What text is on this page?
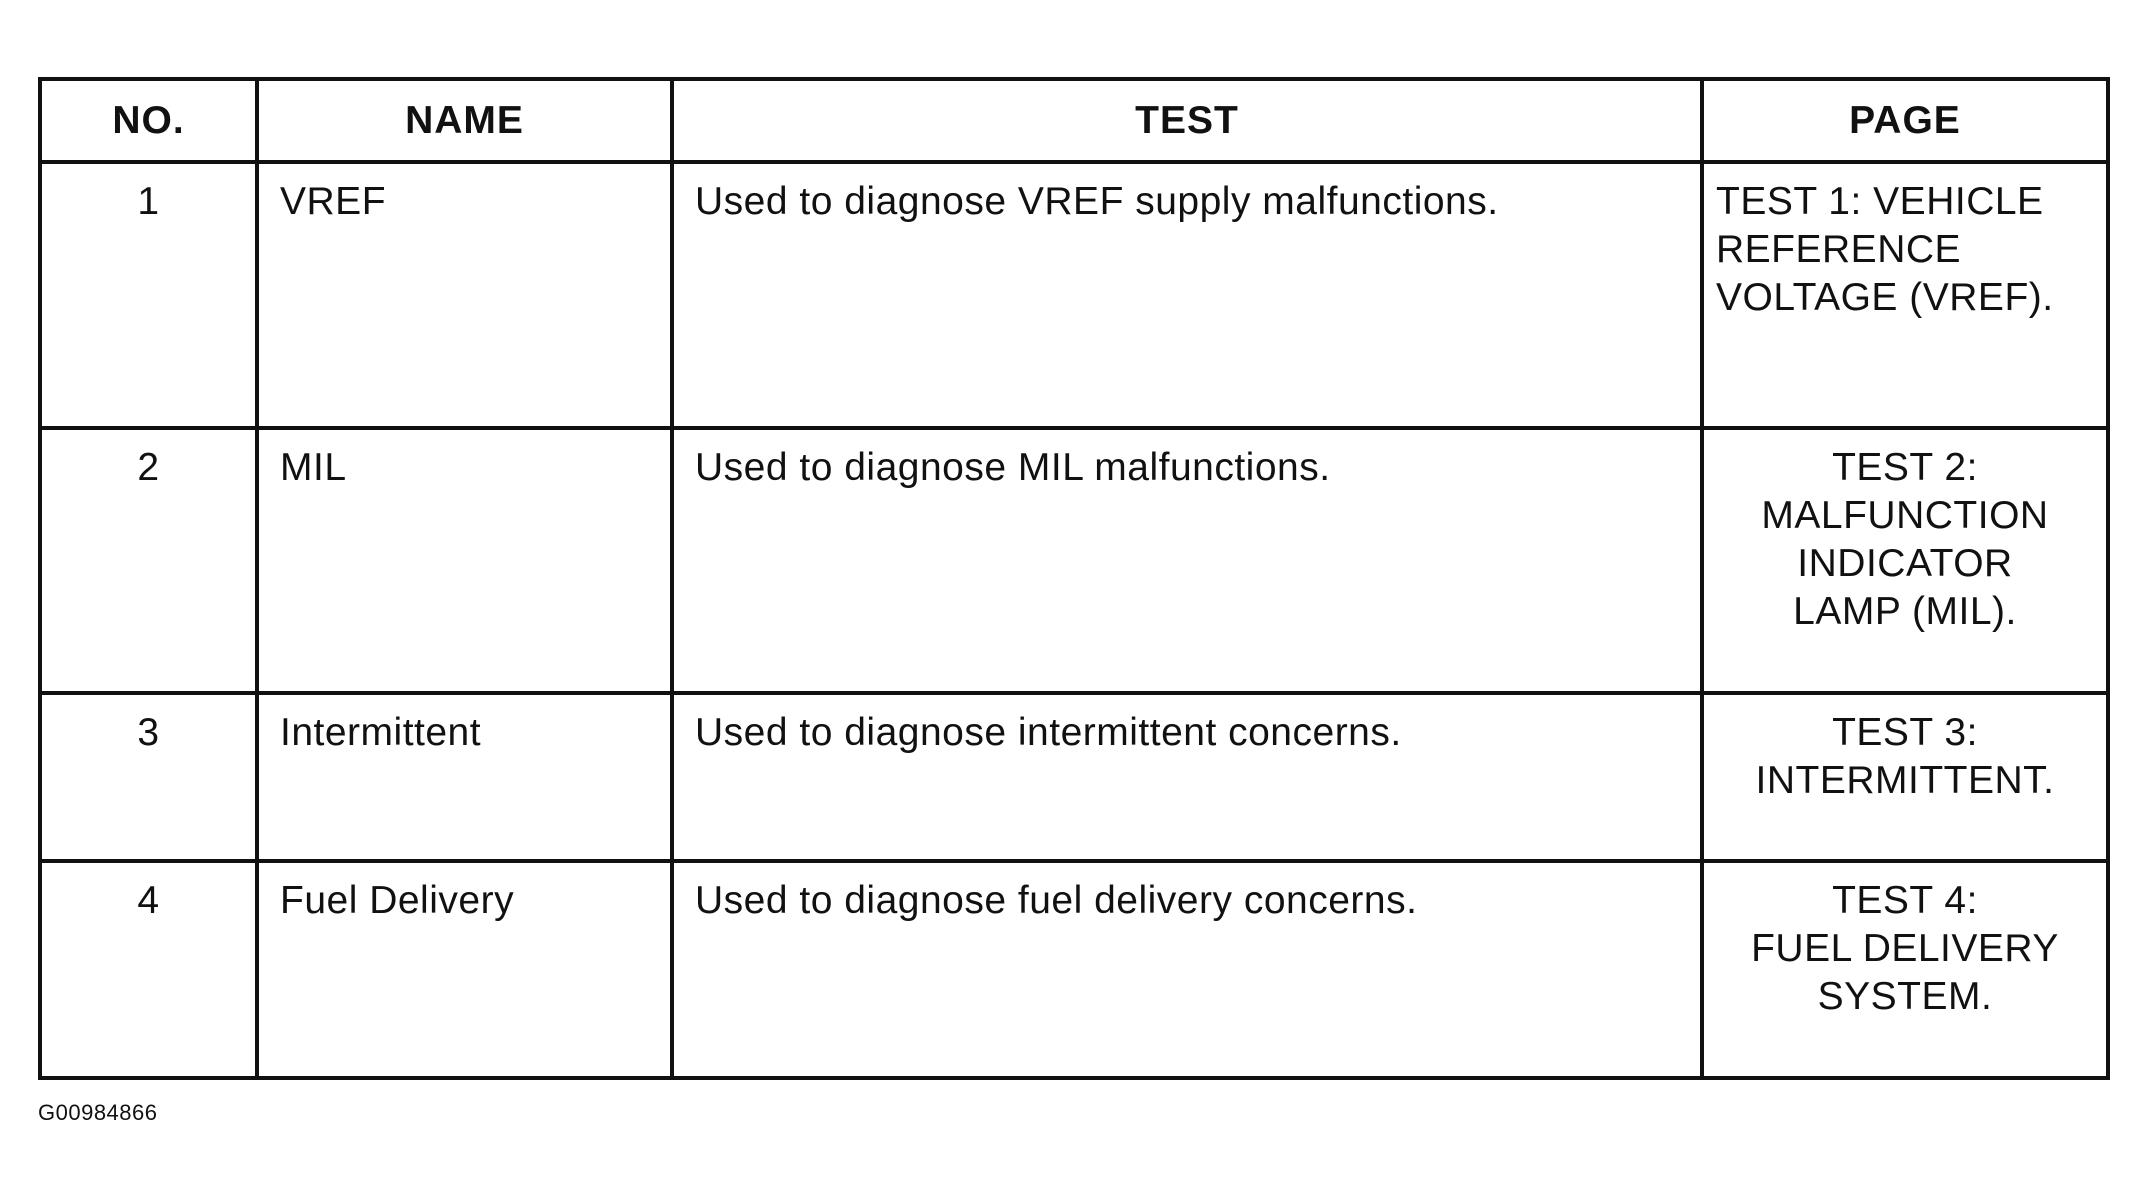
NO.	NAME	TEST	PAGE
1	VREF	Used to diagnose VREF supply malfunctions.	TEST 1: VEHICLE
REFERENCE
VOLTAGE (VREF).
2	MIL	Used to diagnose MIL malfunctions.	TEST 2:
MALFUNCTION
INDICATOR
LAMP (MIL).
3	Intermittent	Used to diagnose intermittent concerns.	TEST 3:
INTERMITTENT.
4	Fuel Delivery	Used to diagnose fuel delivery concerns.	TEST 4:
FUEL DELIVERY
SYSTEM.
G00984866
